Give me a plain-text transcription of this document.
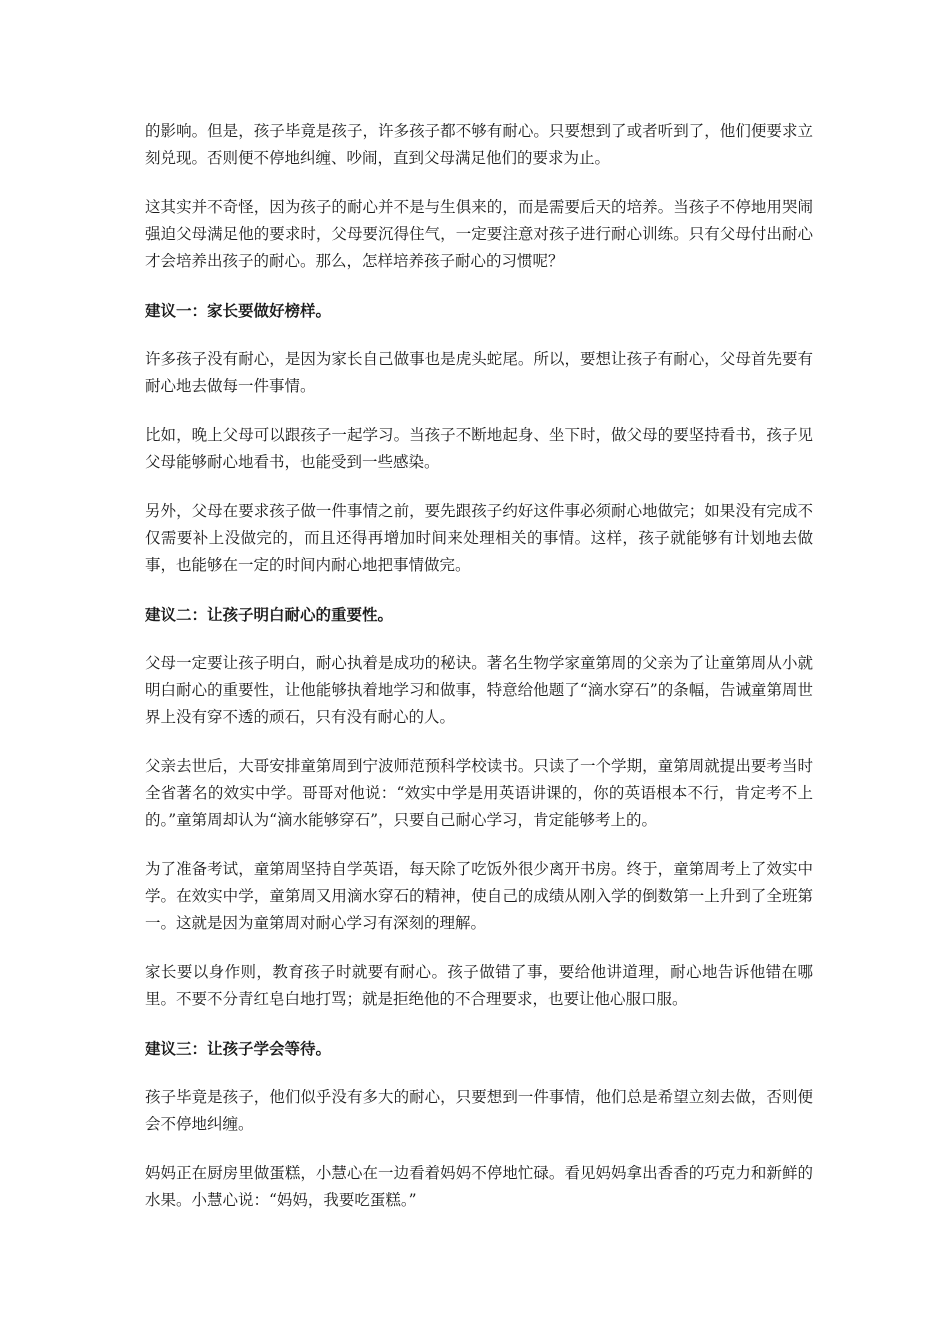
的影响。但是，孩子毕竟是孩子，许多孩子都不够有耐心。只要想到了或者听到了，他们便要求立刻兑现。否则便不停地纠缠、吵闹，直到父母满足他们的要求为止。

这其实并不奇怪，因为孩子的耐心并不是与生俱来的，而是需要后天的培养。当孩子不停地用哭闹强迫父母满足他的要求时，父母要沉得住气，一定要注意对孩子进行耐心训练。只有父母付出耐心才会培养出孩子的耐心。那么，怎样培养孩子耐心的习惯呢？

建议一：家长要做好榜样。

许多孩子没有耐心，是因为家长自己做事也是虎头蛇尾。所以，要想让孩子有耐心，父母首先要有耐心地去做每一件事情。

比如，晚上父母可以跟孩子一起学习。当孩子不断地起身、坐下时，做父母的要坚持看书，孩子见父母能够耐心地看书，也能受到一些感染。

另外，父母在要求孩子做一件事情之前，要先跟孩子约好这件事必须耐心地做完；如果没有完成不仅需要补上没做完的，而且还得再增加时间来处理相关的事情。这样，孩子就能够有计划地去做事，也能够在一定的时间内耐心地把事情做完。

建议二：让孩子明白耐心的重要性。

父母一定要让孩子明白，耐心执着是成功的秘诀。著名生物学家童第周的父亲为了让童第周从小就明白耐心的重要性，让他能够执着地学习和做事，特意给他题了“滴水穿石”的条幅，告诫童第周世界上没有穿不透的顽石，只有没有耐心的人。

父亲去世后，大哥安排童第周到宁波师范预科学校读书。只读了一个学期，童第周就提出要考当时全省著名的效实中学。哥哥对他说：“效实中学是用英语讲课的，你的英语根本不行，肯定考不上的。”童第周却认为“滴水能够穿石”，只要自己耐心学习，肯定能够考上的。

为了准备考试，童第周坚持自学英语，每天除了吃饭外很少离开书房。终于，童第周考上了效实中学。在效实中学，童第周又用滴水穿石的精神，使自己的成绩从刚入学的倒数第一上升到了全班第一。这就是因为童第周对耐心学习有深刻的理解。

家长要以身作则，教育孩子时就要有耐心。孩子做错了事，要给他讲道理，耐心地告诉他错在哪里。不要不分青红皂白地打骂；就是拒绝他的不合理要求，也要让他心服口服。

建议三：让孩子学会等待。

孩子毕竟是孩子，他们似乎没有多大的耐心，只要想到一件事情，他们总是希望立刻去做，否则便会不停地纠缠。

妈妈正在厨房里做蛋糕，小慧心在一边看着妈妈不停地忙碌。看见妈妈拿出香香的巧克力和新鲜的水果。小慧心说：“妈妈，我要吃蛋糕。”
